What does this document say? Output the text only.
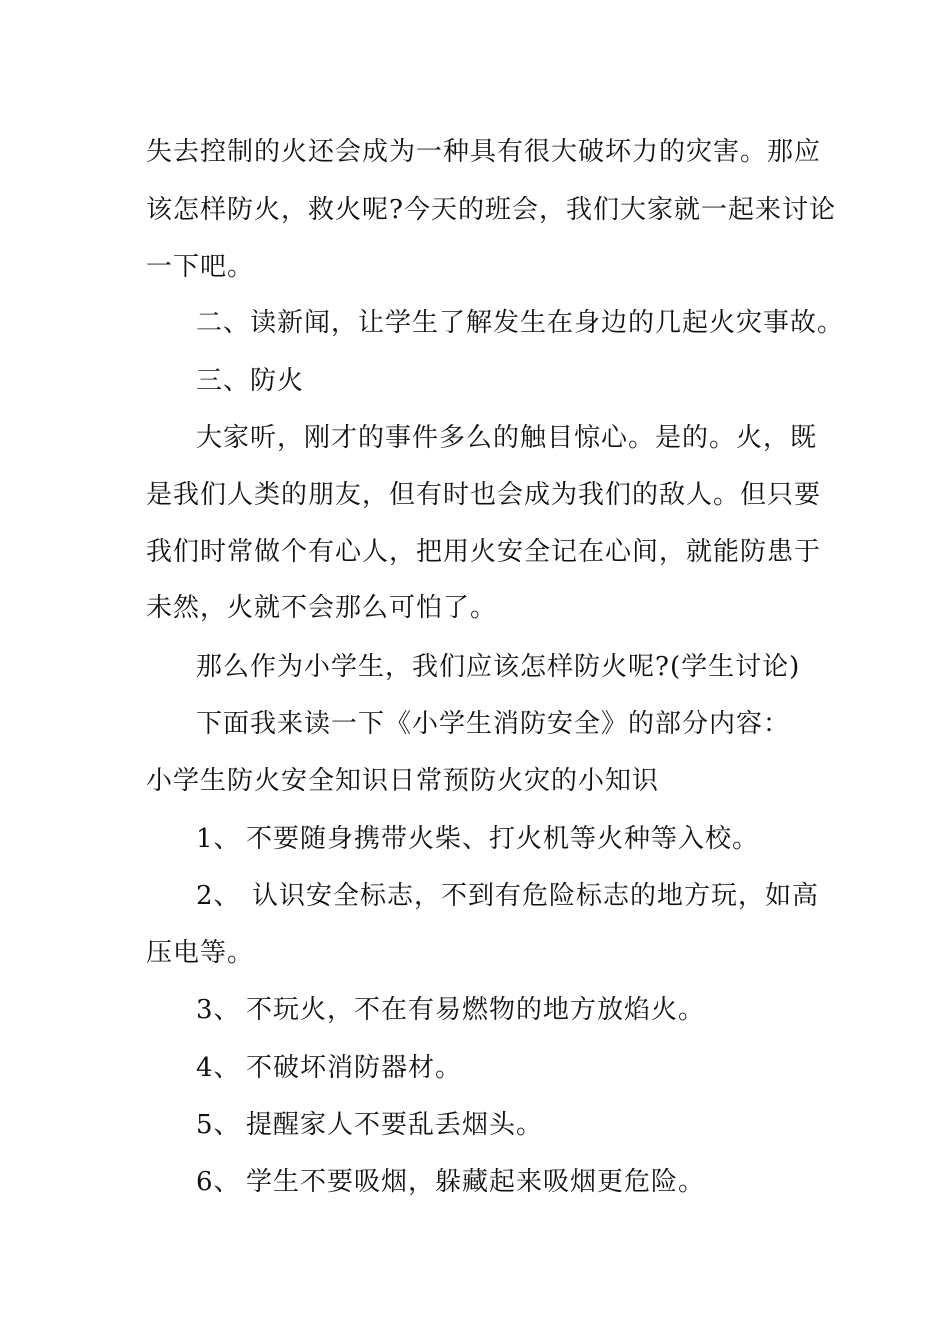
失去控制的火还会成为一种具有很大破坏力的灾害。那应
该怎样防火，救火呢?今天的班会，我们大家就一起来讨论
一下吧。
二、读新闻，让学生了解发生在身边的几起火灾事故。
三、防火
大家听，刚才的事件多么的触目惊心。是的。火，既
是我们人类的朋友，但有时也会成为我们的敌人。但只要
我们时常做个有心人，把用火安全记在心间，就能防患于
未然，火就不会那么可怕了。
那么作为小学生，我们应该怎样防火呢?(学生讨论)
下面我来读一下《小学生消防安全》的部分内容：
小学生防火安全知识日常预防火灾的小知识
1、 不要随身携带火柴、打火机等火种等入校。
2、 认识安全标志，不到有危险标志的地方玩，如高
压电等。
3、 不玩火，不在有易燃物的地方放焰火。
4、 不破坏消防器材。
5、 提醒家人不要乱丢烟头。
6、 学生不要吸烟，躲藏起来吸烟更危险。
